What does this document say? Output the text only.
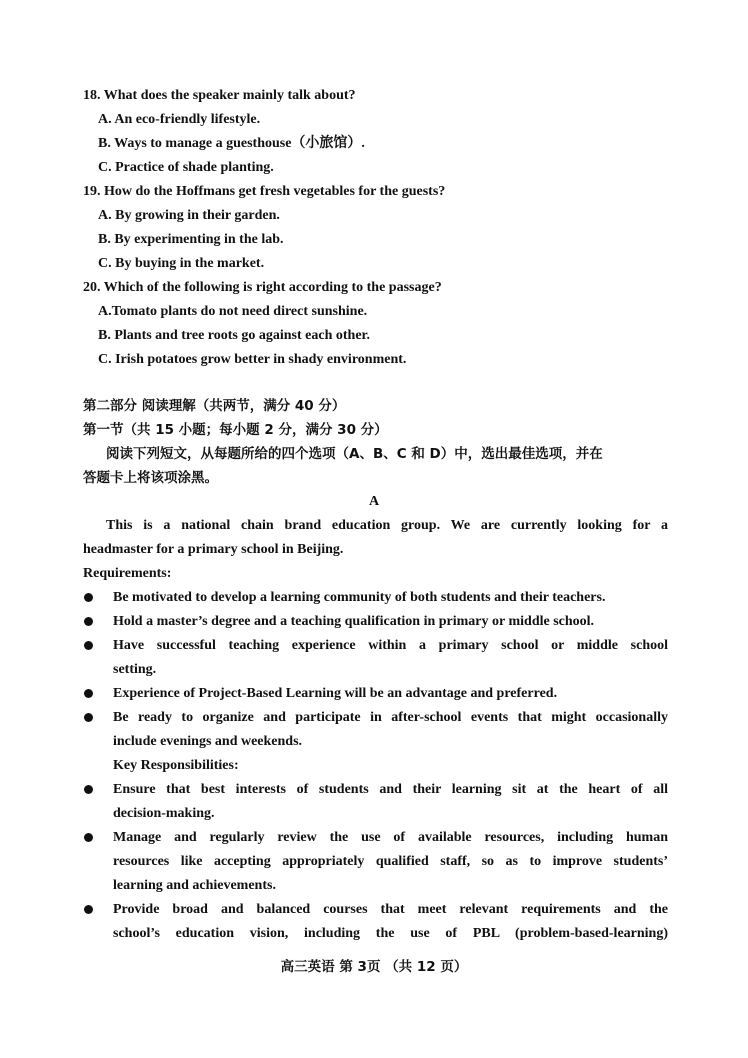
18. What does the speaker mainly talk about?
A. An eco-friendly lifestyle.
B. Ways to manage a guesthouse（小旅馆）.
C. Practice of shade planting.
19. How do the Hoffmans get fresh vegetables for the guests?
A. By growing in their garden.
B. By experimenting in the lab.
C. By buying in the market.
20. Which of the following is right according to the passage?
A.Tomato plants do not need direct sunshine.
B. Plants and tree roots go against each other.
C. Irish potatoes grow better in shady environment.
第二部分 阅读理解（共两节，满分 40 分）
第一节（共 15 小题；每小题 2 分，满分 30 分）
阅读下列短文，从每题所给的四个选项（A、B、C 和 D）中，选出最佳选项，并在
答题卡上将该项涂黑。
A
This is a national chain brand education group. We are currently looking for a
headmaster for a primary school in Beijing.
Requirements:
Be motivated to develop a learning community of both students and their teachers.
Hold a master’s degree and a teaching qualification in primary or middle school.
Have successful teaching experience within a primary school or middle school
setting.
Experience of Project-Based Learning will be an advantage and preferred.
Be ready to organize and participate in after-school events that might occasionally
include evenings and weekends.
Key Responsibilities:
Ensure that best interests of students and their learning sit at the heart of all
decision-making.
Manage and regularly review the use of available resources, including human
resources like accepting appropriately qualified staff, so as to improve students’
learning and achievements.
Provide broad and balanced courses that meet relevant requirements and the
school’s education vision, including the use of PBL (problem-based-learning)
高三英语 第 3页 （共 12 页）
